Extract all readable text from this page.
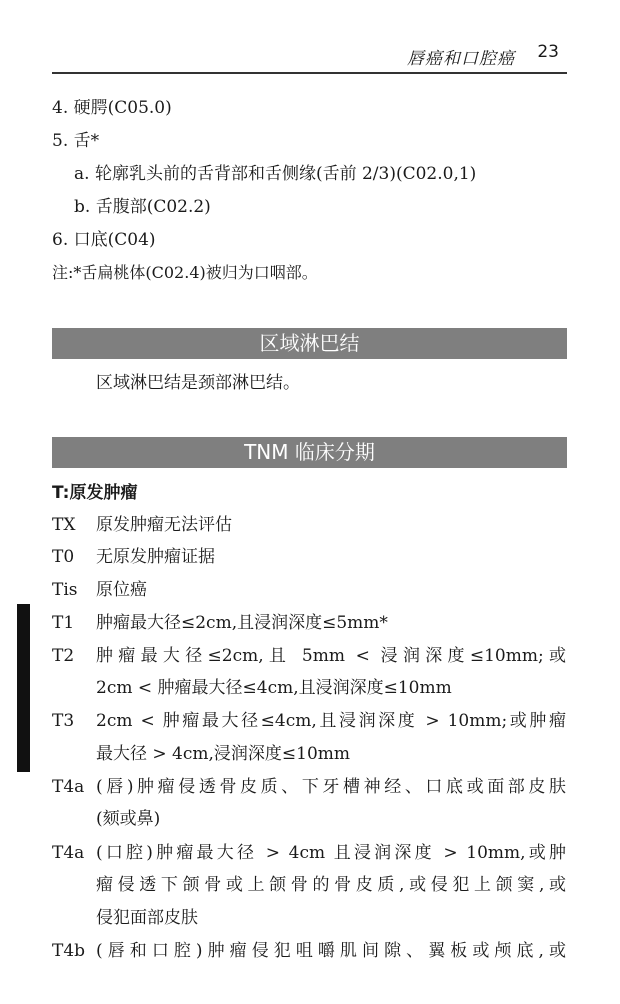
唇癌和口腔癌 23
4. 硬腭(C05.0)
5. 舌*
a. 轮廓乳头前的舌背部和舌侧缘(舌前 2/3)(C02.0,1)
b. 舌腹部(C02.2)
6. 口底(C04)
注:*舌扁桃体(C02.4)被归为口咽部。
区域淋巴结
区域淋巴结是颈部淋巴结。
TNM 临床分期
T:原发肿瘤
TX 原发肿瘤无法评估
T0 无原发肿瘤证据
Tis 原位癌
T1 肿瘤最大径≤2cm,且浸润深度≤5mm*
T2 肿瘤最大径≤2cm,且 5mm < 浸润深度≤10mm;或
2cm < 肿瘤最大径≤4cm,且浸润深度≤10mm
T3 2cm < 肿瘤最大径≤4cm,且浸润深度 > 10mm;或肿瘤
最大径 > 4cm,浸润深度≤10mm
T4a (唇)肿瘤侵透骨皮质、下牙槽神经、口底或面部皮肤
(颏或鼻)
T4a (口腔)肿瘤最大径 > 4cm 且浸润深度 > 10mm,或肿
瘤侵透下颌骨或上颌骨的骨皮质,或侵犯上颌窦,或
侵犯面部皮肤
T4b (唇和口腔)肿瘤侵犯咀嚼肌间隙、翼板或颅底,或
